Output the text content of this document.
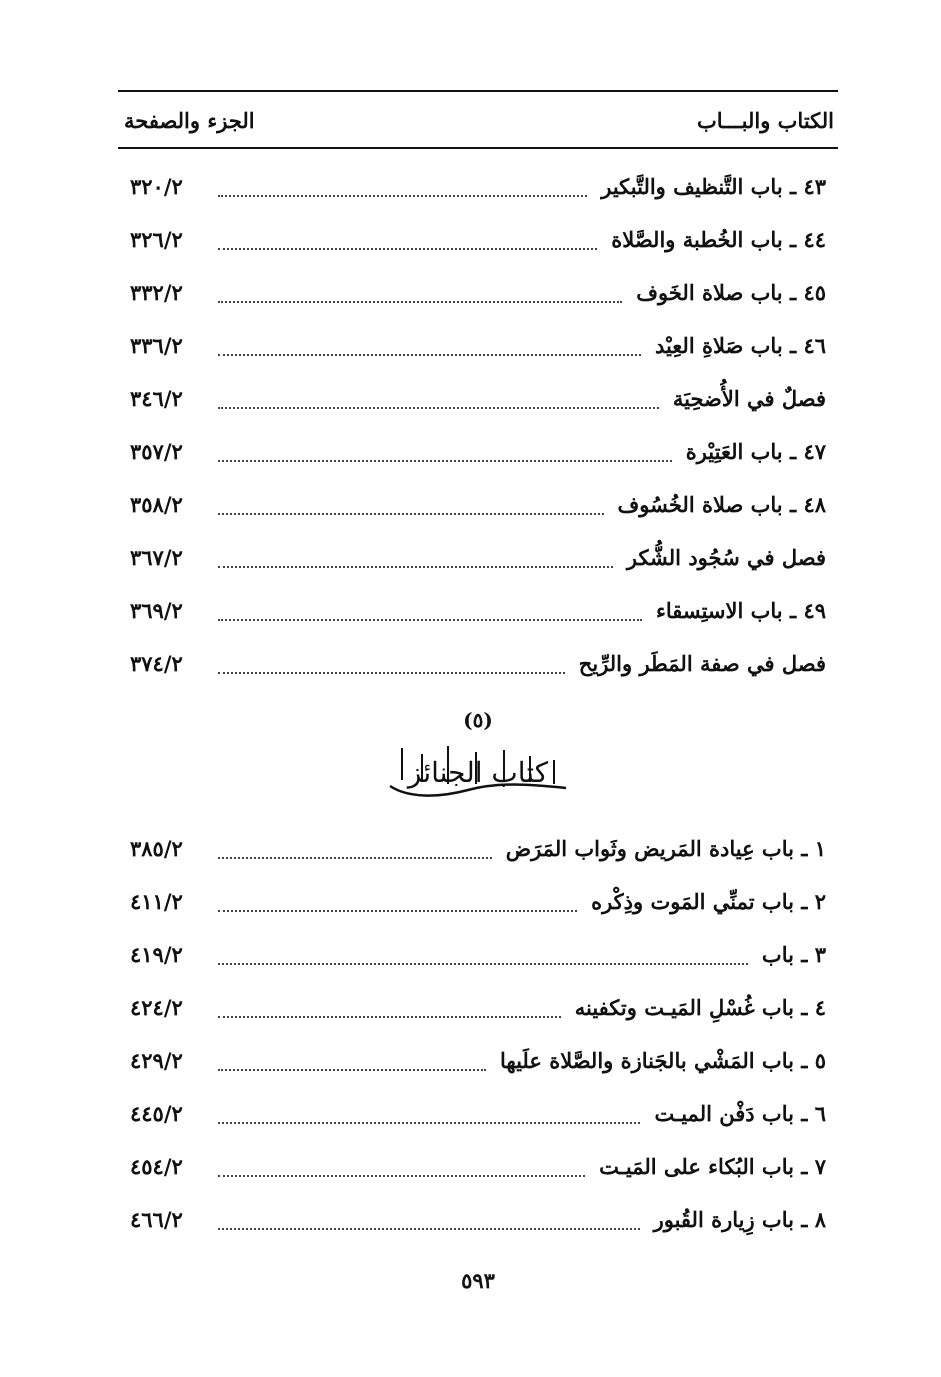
الكتاب والبـــاب
الجزء والصفحة
٤٣ ـ باب التَّنظيف والتَّبكير
٣٢٠/٢
٤٤ ـ باب الخُطبة والصَّلاة
٣٢٦/٢
٤٥ ـ باب صلاة الخَوف
٣٣٢/٢
٤٦ ـ باب صَلاةِ العِيْد
٣٣٦/٢
فصلٌ في الأُضحِيَة
٣٤٦/٢
٤٧ ـ باب العَتِيْرة
٣٥٧/٢
٤٨ ـ باب صلاة الخُسُوف
٣٥٨/٢
فصل في سُجُود الشُّكر
٣٦٧/٢
٤٩ ـ باب الاستِسقاء
٣٦٩/٢
فصل في صفة المَطَر والرِّيح
٣٧٤/٢
(٥)
كتاب الجنائز
١ ـ باب عِيادة المَريض وثَواب المَرَض
٣٨٥/٢
٢ ـ باب تمنِّي المَوت وذِكْره
٤١١/٢
٣ ـ باب
٤١٩/٢
٤ ـ باب غُسْلِ المَيـت وتكفينه
٤٢٤/٢
٥ ـ باب المَشْي بالجَنازة والصَّلاة علَيها
٤٢٩/٢
٦ ـ باب دَفْن الميـت
٤٤٥/٢
٧ ـ باب البُكاء على المَيـت
٤٥٤/٢
٨ ـ باب زِيارة القُبور
٤٦٦/٢
٥٩٣
